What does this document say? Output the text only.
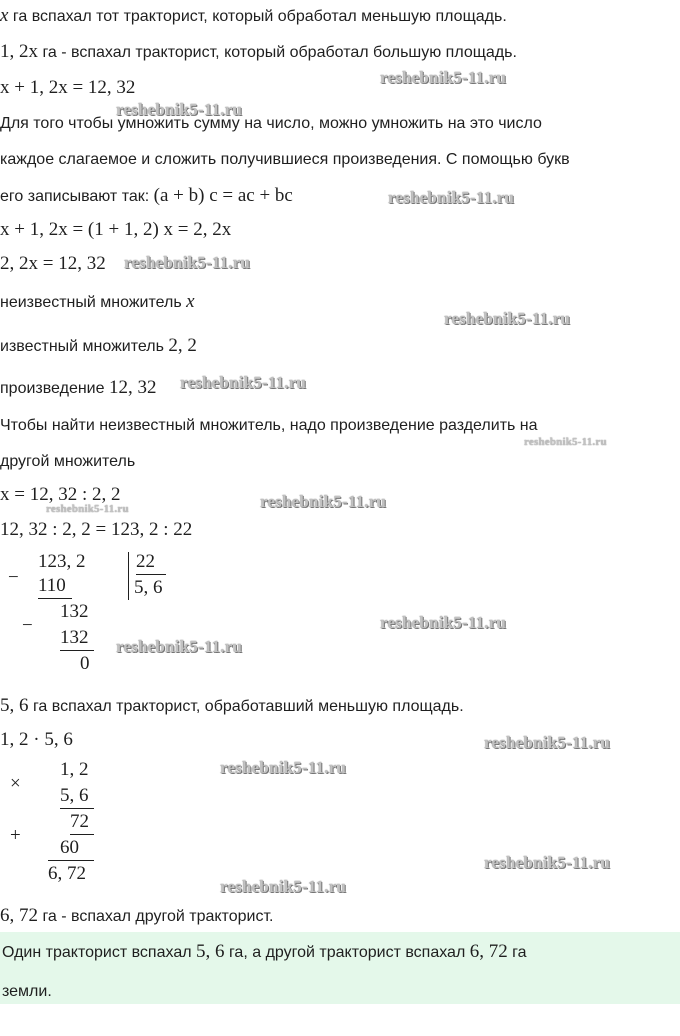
x га вспахал тот тракторист, который обработал меньшую площадь.
1, 2x га - вспахал тракторист, который обработал большую площадь.
x + 1, 2x = 12, 32
Для того чтобы умножить сумму на число, можно умножить на это число
каждое слагаемое и сложить получившиеся произведения. С помощью букв
его записывают так: (a + b) c = ac + bc
x + 1, 2x = (1 + 1, 2) x = 2, 2x
2, 2x = 12, 32
неизвестный множитель x
известный множитель 2, 2
произведение 12, 32
Чтобы найти неизвестный множитель, надо произведение разделить на
другой множитель
x = 12, 32 : 2, 2
12, 32 : 2, 2 = 123, 2 : 22
−
123, 2
110
22
5, 6
132
−
132
0
5, 6 га вспахал тракторист, обработавший меньшую площадь.
1, 2 · 5, 6
×
1, 2
5, 6
72
+
60
6, 72
6, 72 га - вспахал другой тракторист.
Один тракторист вспахал 5, 6 га, а другой тракторист вспахал 6, 72 га
земли.
reshebnik5-11.ru
reshebnik5-11.ru
reshebnik5-11.ru
reshebnik5-11.ru
reshebnik5-11.ru
reshebnik5-11.ru
reshebnik5-11.ru
reshebnik5-11.ru	reshebnik5-11.ru
reshebnik5-11.ru
reshebnik5-11.ru
reshebnik5-11.ru
reshebnik5-11.ru
reshebnik5-11.ru
reshebnik5-11.ru
